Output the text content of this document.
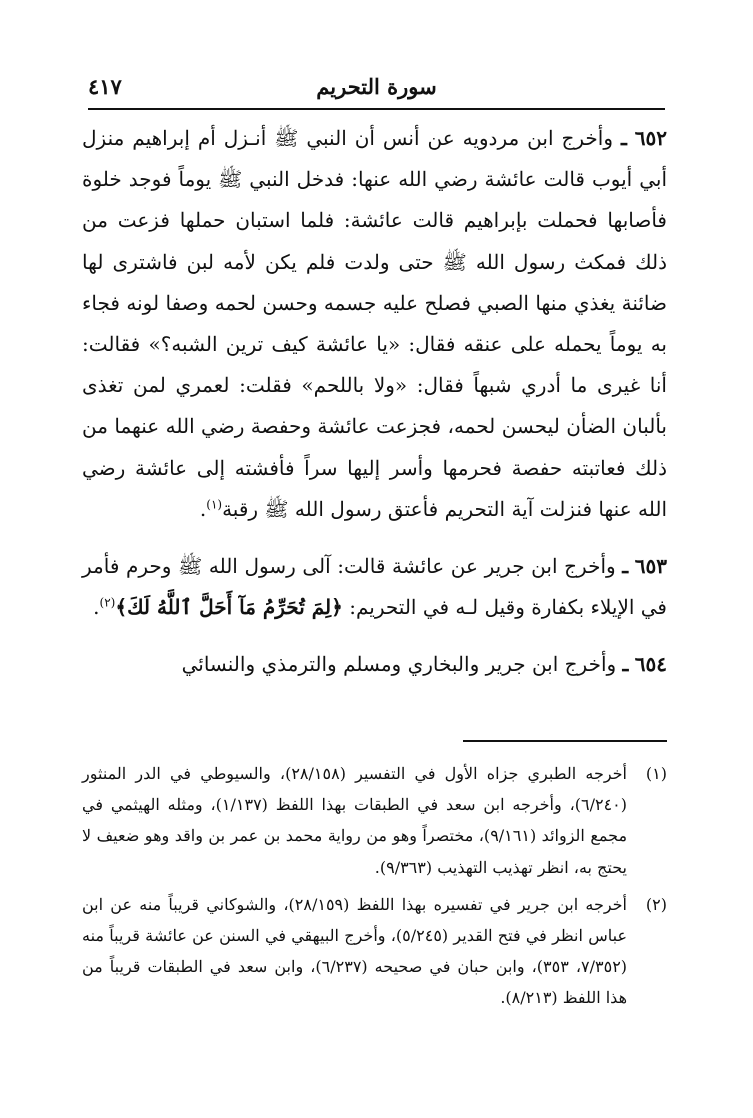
سورة التحريم
٤١٧

٦٥٢ ـ وأخرج ابن مردويه عن أنس أن النبي ﷺ أنـزل أم إبراهيم منزل أبي أيوب قالت عائشة رضي الله عنها: فدخل النبي ﷺ يوماً فوجد خلوة فأصابها فحملت بإبراهيم قالت عائشة: فلما استبان حملها فزعت من ذلك فمكث رسول الله ﷺ حتى ولدت فلم يكن لأمه لبن فاشترى لها ضائنة يغذي منها الصبي فصلح عليه جسمه وحسن لحمه وصفا لونه فجاء به يوماً يحمله على عنقه فقال: «يا عائشة كيف ترين الشبه؟» فقالت: أنا غيرى ما أدري شبهاً فقال: «ولا باللحم» فقلت: لعمري لمن تغذى بألبان الضأن ليحسن لحمه، فجزعت عائشة وحفصة رضي الله عنهما من ذلك فعاتبته حفصة فحرمها وأسر إليها سراً فأفشته إلى عائشة رضي الله عنها فنزلت آية التحريم فأعتق رسول الله ﷺ رقبة$^{(١)}$.

٦٥٣ ـ وأخرج ابن جرير عن عائشة قالت: آلى رسول الله ﷺ وحرم فأمر في الإيلاء بكفارة وقيل لـه في التحريم: ﴿لِمَ تُحَرِّمُ مَآ أَحَلَّ ٱللَّهُ لَكَ﴾$^{(٢)}$.

٦٥٤ ـ وأخرج ابن جرير والبخاري ومسلم والترمذي والنسائي

(١)
أخرجه الطبري جزاه الأول في التفسير (٢٨/١٥٨)، والسيوطي في الدر المنثور (٦/٢٤٠)، وأخرجه ابن سعد في الطبقات بهذا اللفظ (١/١٣٧)، ومثله الهيثمي في مجمع الزوائد (٩/١٦١)، مختصراً وهو من رواية محمد بن عمر بن واقد وهو ضعيف لا يحتج به، انظر تهذيب التهذيب (٩/٣٦٣).
(٢)
أخرجه ابن جرير في تفسيره بهذا اللفظ (٢٨/١٥٩)، والشوكاني قريباً منه عن ابن عباس انظر في فتح القدير (٥/٢٤٥)، وأخرج البيهقي في السنن عن عائشة قريباً منه (٧/٣٥٢، ٣٥٣)، وابن حبان في صحيحه (٦/٢٣٧)، وابن سعد في الطبقات قريباً من هذا اللفظ (٨/٢١٣).
